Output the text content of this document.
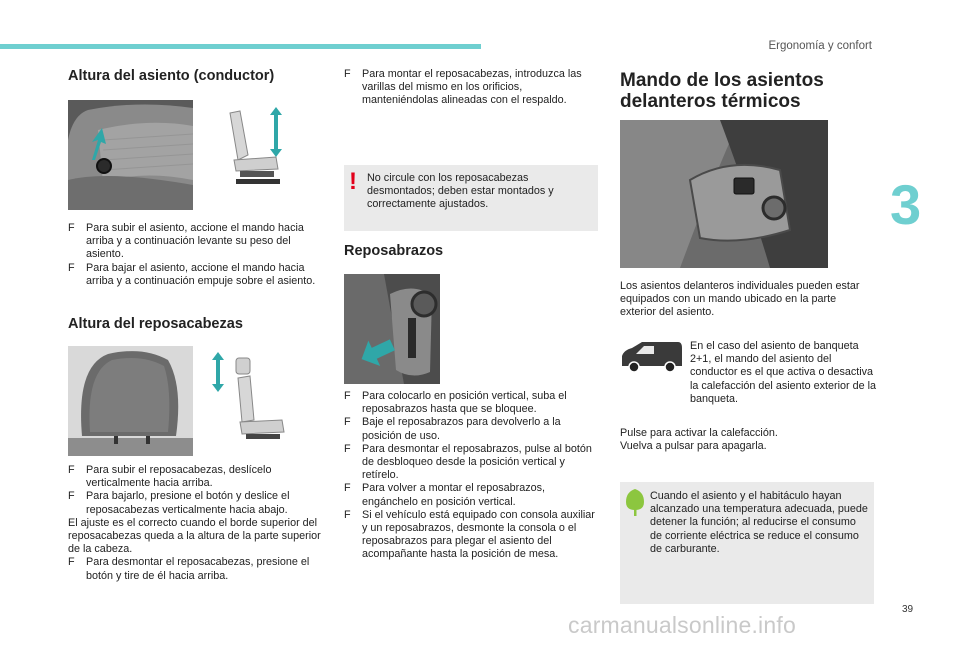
Ergonomía y confort
3
39
Altura del asiento (conductor)

F Para subir el asiento, accione el mando hacia arriba y a continuación levante su peso del asiento.

F Para bajar el asiento, accione el mando hacia arriba y a continuación empuje sobre el asiento.

Altura del reposacabezas

F Para subir el reposacabezas, deslícelo verticalmente hacia arriba.

F Para bajarlo, presione el botón y deslice el reposacabezas verticalmente hacia abajo.

El ajuste es el correcto cuando el borde superior del reposacabezas queda a la altura de la parte superior de la cabeza.

F Para desmontar el reposacabezas, presione el botón y tire de él hacia arriba.

F Para montar el reposacabezas, introduzca las varillas del mismo en los orificios, manteniéndolas alineadas con el respaldo.

! No circule con los reposacabezas desmontados; deben estar montados y correctamente ajustados.
Reposabrazos

F Para colocarlo en posición vertical, suba el reposabrazos hasta que se bloquee.

F Baje el reposabrazos para devolverlo a la posición de uso.

F Para desmontar el reposabrazos, pulse al botón de desbloqueo desde la posición vertical y retírelo.

F Para volver a montar el reposabrazos, engánchelo en posición vertical.

F Si el vehículo está equipado con consola auxiliar y un reposabrazos, desmonte la consola o el reposabrazos para plegar el asiento del acompañante hasta la posición de mesa.

Mando de los asientos
delanteros térmicos
Los asientos delanteros individuales pueden estar equipados con un mando ubicado en la parte exterior del asiento.
En el caso del asiento de banqueta 2+1, el mando del asiento del conductor es el que activa o desactiva la calefacción del asiento exterior de la banqueta.

Pulse para activar la calefacción.

Vuelva a pulsar para apagarla.

Cuando el asiento y el habitáculo hayan alcanzado una temperatura adecuada, puede detener la función; al reducirse el consumo de corriente eléctrica se reduce el consumo de carburante.
carmanualsonline.info
